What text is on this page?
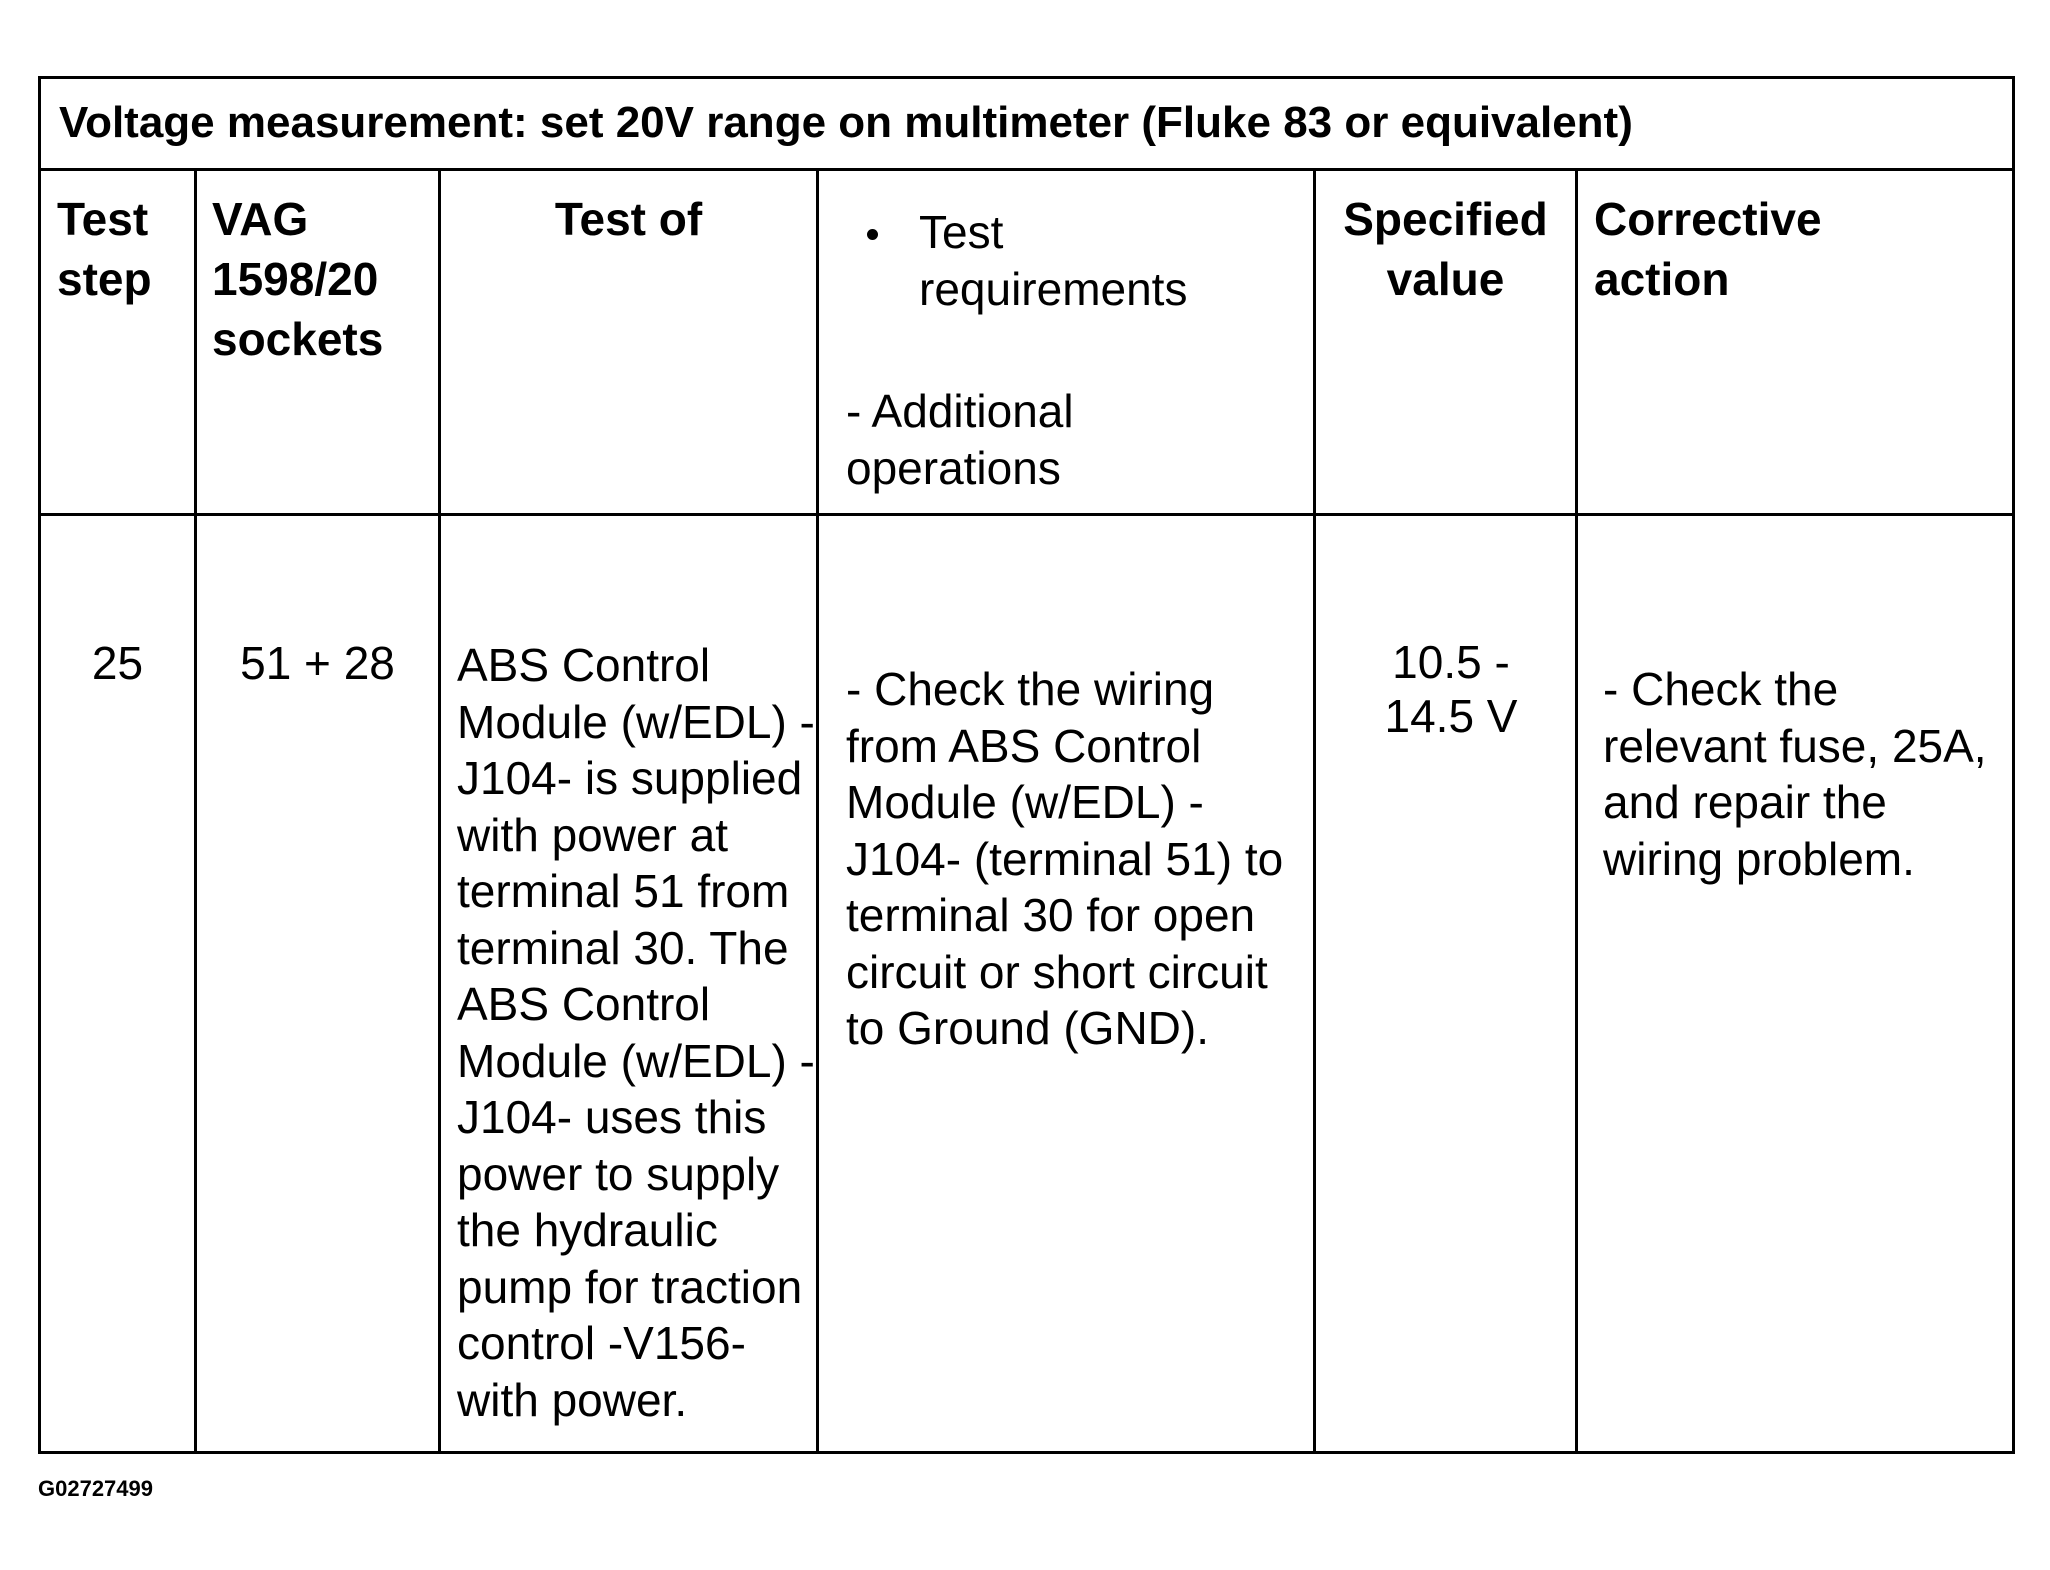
Voltage measurement: set 20V range on multimeter (Fluke 83 or equivalent)
Test step
25
VAG 1598/20 sockets
51 + 28
Test of
ABS Control Module (w/EDL) -J104- is supplied with power at terminal 51 from terminal 30. The ABS Control Module (w/EDL) -J104- uses this power to supply the hydraulic pump for traction control -V156- with power.
Test requirements
- Additional operations
- Check the wiring from ABS Control Module (w/EDL) -J104- (terminal 51) to terminal 30 for open circuit or short circuit to Ground (GND).
Specified value
10.5 - 14.5 V
Corrective action
- Check the relevant fuse, 25A, and repair the wiring problem.
G02727499
